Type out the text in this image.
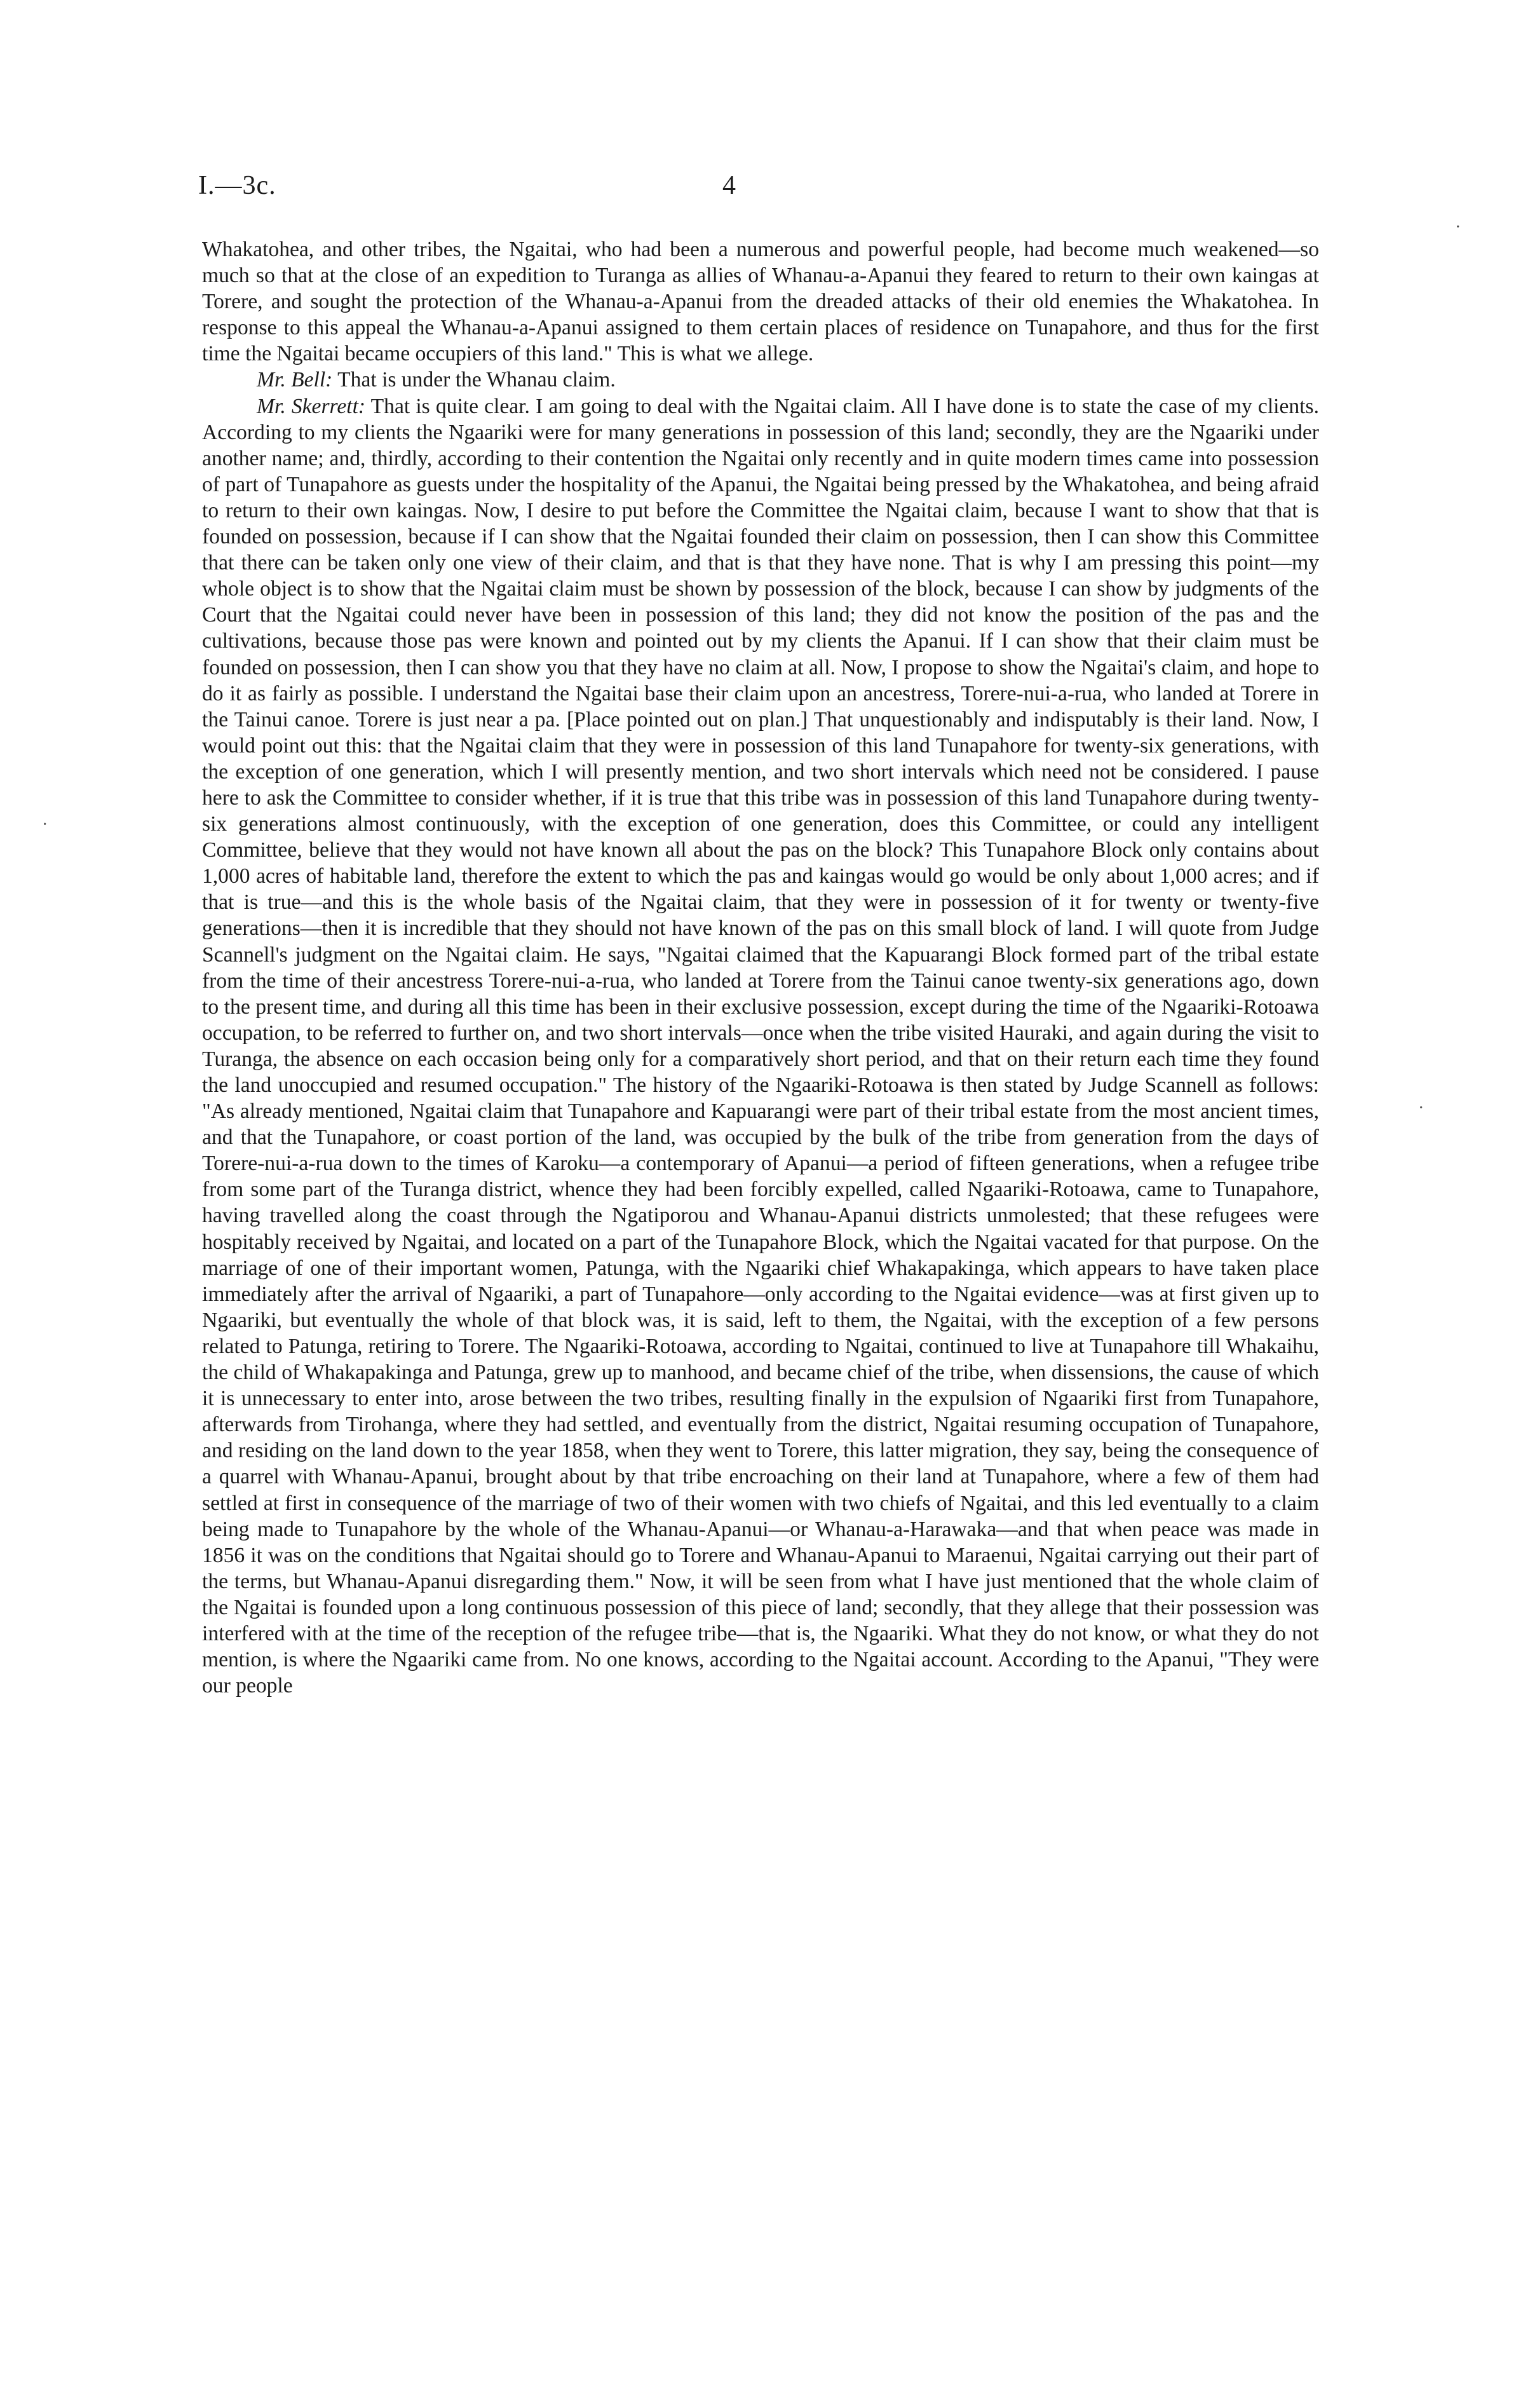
I.—3c.	4

Whakatohea, and other tribes, the Ngaitai, who had been a numerous and powerful people, had become much weakened—so much so that at the close of an expedition to Turanga as allies of Whanau-a-Apanui they feared to return to their own kaingas at Torere, and sought the protection of the Whanau-a-Apanui from the dreaded attacks of their old enemies the Whakatohea. In response to this appeal the Whanau-a-Apanui assigned to them certain places of residence on Tunapahore, and thus for the first time the Ngaitai became occupiers of this land." This is what we allege.

Mr. Bell: That is under the Whanau claim.

Mr. Skerrett: That is quite clear. I am going to deal with the Ngaitai claim. All I have done is to state the case of my clients. According to my clients the Ngaariki were for many generations in possession of this land; secondly, they are the Ngaariki under another name; and, thirdly, according to their contention the Ngaitai only recently and in quite modern times came into possession of part of Tunapahore as guests under the hospitality of the Apanui, the Ngaitai being pressed by the Whakatohea, and being afraid to return to their own kaingas. Now, I desire to put before the Committee the Ngaitai claim, because I want to show that that is founded on possession, because if I can show that the Ngaitai founded their claim on possession, then I can show this Committee that there can be taken only one view of their claim, and that is that they have none. That is why I am pressing this point—my whole object is to show that the Ngaitai claim must be shown by possession of the block, because I can show by judgments of the Court that the Ngaitai could never have been in possession of this land; they did not know the position of the pas and the cultivations, because those pas were known and pointed out by my clients the Apanui. If I can show that their claim must be founded on possession, then I can show you that they have no claim at all. Now, I propose to show the Ngaitai's claim, and hope to do it as fairly as possible. I understand the Ngaitai base their claim upon an ancestress, Torere-nui-a-rua, who landed at Torere in the Tainui canoe. Torere is just near a pa. [Place pointed out on plan.] That unquestionably and indisputably is their land. Now, I would point out this: that the Ngaitai claim that they were in possession of this land Tunapahore for twenty-six generations, with the exception of one generation, which I will presently mention, and two short intervals which need not be considered. I pause here to ask the Committee to consider whether, if it is true that this tribe was in possession of this land Tunapahore during twenty-six generations almost continuously, with the exception of one generation, does this Committee, or could any intelligent Committee, believe that they would not have known all about the pas on the block? This Tunapahore Block only contains about 1,000 acres of habitable land, therefore the extent to which the pas and kaingas would go would be only about 1,000 acres; and if that is true—and this is the whole basis of the Ngaitai claim, that they were in possession of it for twenty or twenty-five generations—then it is incredible that they should not have known of the pas on this small block of land. I will quote from Judge Scannell's judgment on the Ngaitai claim. He says, "Ngaitai claimed that the Kapuarangi Block formed part of the tribal estate from the time of their ancestress Torere-nui-a-rua, who landed at Torere from the Tainui canoe twenty-six generations ago, down to the present time, and during all this time has been in their exclusive possession, except during the time of the Ngaariki-Rotoawa occupation, to be referred to further on, and two short intervals—once when the tribe visited Hauraki, and again during the visit to Turanga, the absence on each occasion being only for a comparatively short period, and that on their return each time they found the land unoccupied and resumed occupation." The history of the Ngaariki-Rotoawa is then stated by Judge Scannell as follows: "As already mentioned, Ngaitai claim that Tunapahore and Kapuarangi were part of their tribal estate from the most ancient times, and that the Tunapahore, or coast portion of the land, was occupied by the bulk of the tribe from generation from the days of Torere-nui-a-rua down to the times of Karoku—a contemporary of Apanui—a period of fifteen generations, when a refugee tribe from some part of the Turanga district, whence they had been forcibly expelled, called Ngaariki-Rotoawa, came to Tunapahore, having travelled along the coast through the Ngatiporou and Whanau-Apanui districts unmolested; that these refugees were hospitably received by Ngaitai, and located on a part of the Tunapahore Block, which the Ngaitai vacated for that purpose. On the marriage of one of their important women, Patunga, with the Ngaariki chief Whakapakinga, which appears to have taken place immediately after the arrival of Ngaariki, a part of Tunapahore—only according to the Ngaitai evidence—was at first given up to Ngaariki, but eventually the whole of that block was, it is said, left to them, the Ngaitai, with the exception of a few persons related to Patunga, retiring to Torere. The Ngaariki-Rotoawa, according to Ngaitai, continued to live at Tunapahore till Whakaihu, the child of Whakapakinga and Patunga, grew up to manhood, and became chief of the tribe, when dissensions, the cause of which it is unnecessary to enter into, arose between the two tribes, resulting finally in the expulsion of Ngaariki first from Tunapahore, afterwards from Tirohanga, where they had settled, and eventually from the district, Ngaitai resuming occupation of Tunapahore, and residing on the land down to the year 1858, when they went to Torere, this latter migration, they say, being the consequence of a quarrel with Whanau-Apanui, brought about by that tribe encroaching on their land at Tunapahore, where a few of them had settled at first in consequence of the marriage of two of their women with two chiefs of Ngaitai, and this led eventually to a claim being made to Tunapahore by the whole of the Whanau-Apanui—or Whanau-a-Harawaka—and that when peace was made in 1856 it was on the conditions that Ngaitai should go to Torere and Whanau-Apanui to Maraenui, Ngaitai carrying out their part of the terms, but Whanau-Apanui disregarding them." Now, it will be seen from what I have just mentioned that the whole claim of the Ngaitai is founded upon a long continuous possession of this piece of land; secondly, that they allege that their possession was interfered with at the time of the reception of the refugee tribe—that is, the Ngaariki. What they do not know, or what they do not mention, is where the Ngaariki came from. No one knows, according to the Ngaitai account. According to the Apanui, "They were our people

·
·
·
